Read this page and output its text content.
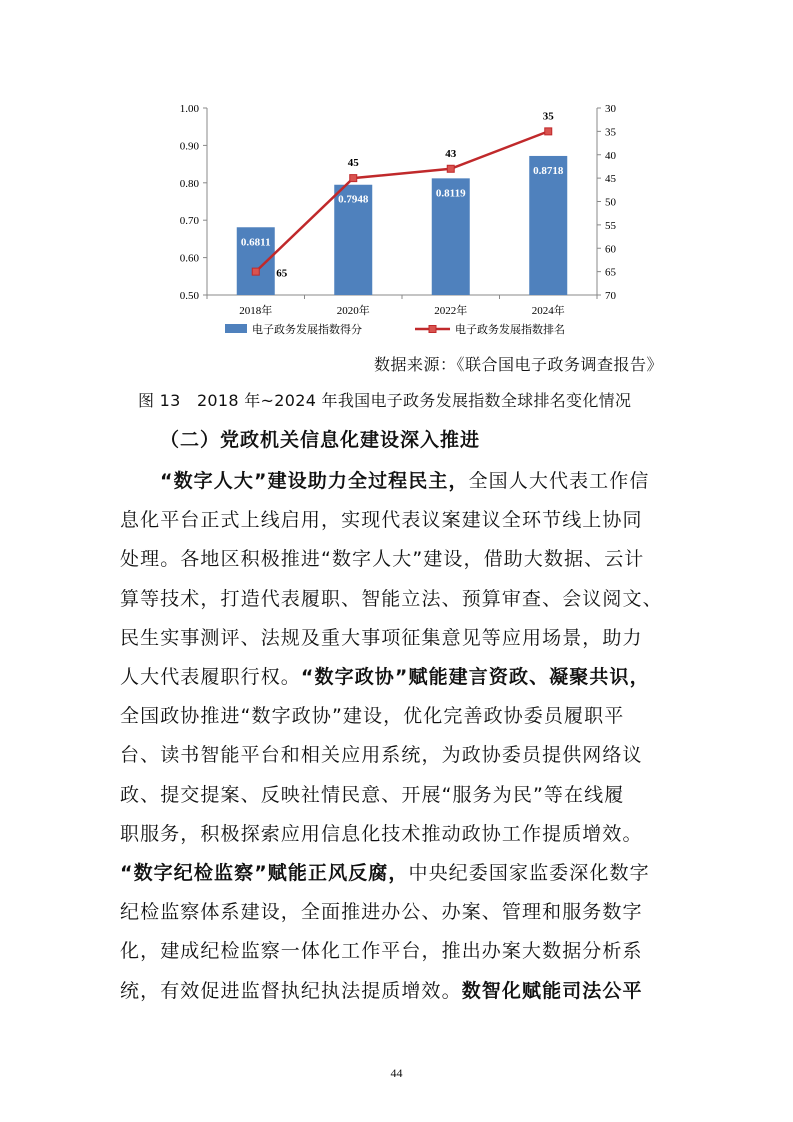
0.50
0.60
0.70
0.80
0.90
1.00	30
35
40
45
50
55
60
65
70
2018年	2020年	2022年	2024年
0.6811
0.7948
0.8119
0.8718
65
45
43
35
电子政务发展指数得分	电子政务发展指数排名
数据来源：《联合国电子政务调查报告》
图 13　2018 年~2024 年我国电子政务发展指数全球排名变化情况
（二）党政机关信息化建设深入推进
“数字人大”建设助力全过程民主，全国人大代表工作信
息化平台正式上线启用，实现代表议案建议全环节线上协同
处理。各地区积极推进“数字人大”建设，借助大数据、云计
算等技术，打造代表履职、智能立法、预算审查、会议阅文、
民生实事测评、法规及重大事项征集意见等应用场景，助力
人大代表履职行权。“数字政协”赋能建言资政、凝聚共识，
全国政协推进“数字政协”建设，优化完善政协委员履职平
台、读书智能平台和相关应用系统，为政协委员提供网络议
政、提交提案、反映社情民意、开展“服务为民”等在线履
职服务，积极探索应用信息化技术推动政协工作提质增效。
“数字纪检监察”赋能正风反腐，中央纪委国家监委深化数字
纪检监察体系建设，全面推进办公、办案、管理和服务数字
化，建成纪检监察一体化工作平台，推出办案大数据分析系
统，有效促进监督执纪执法提质增效。数智化赋能司法公平
44
